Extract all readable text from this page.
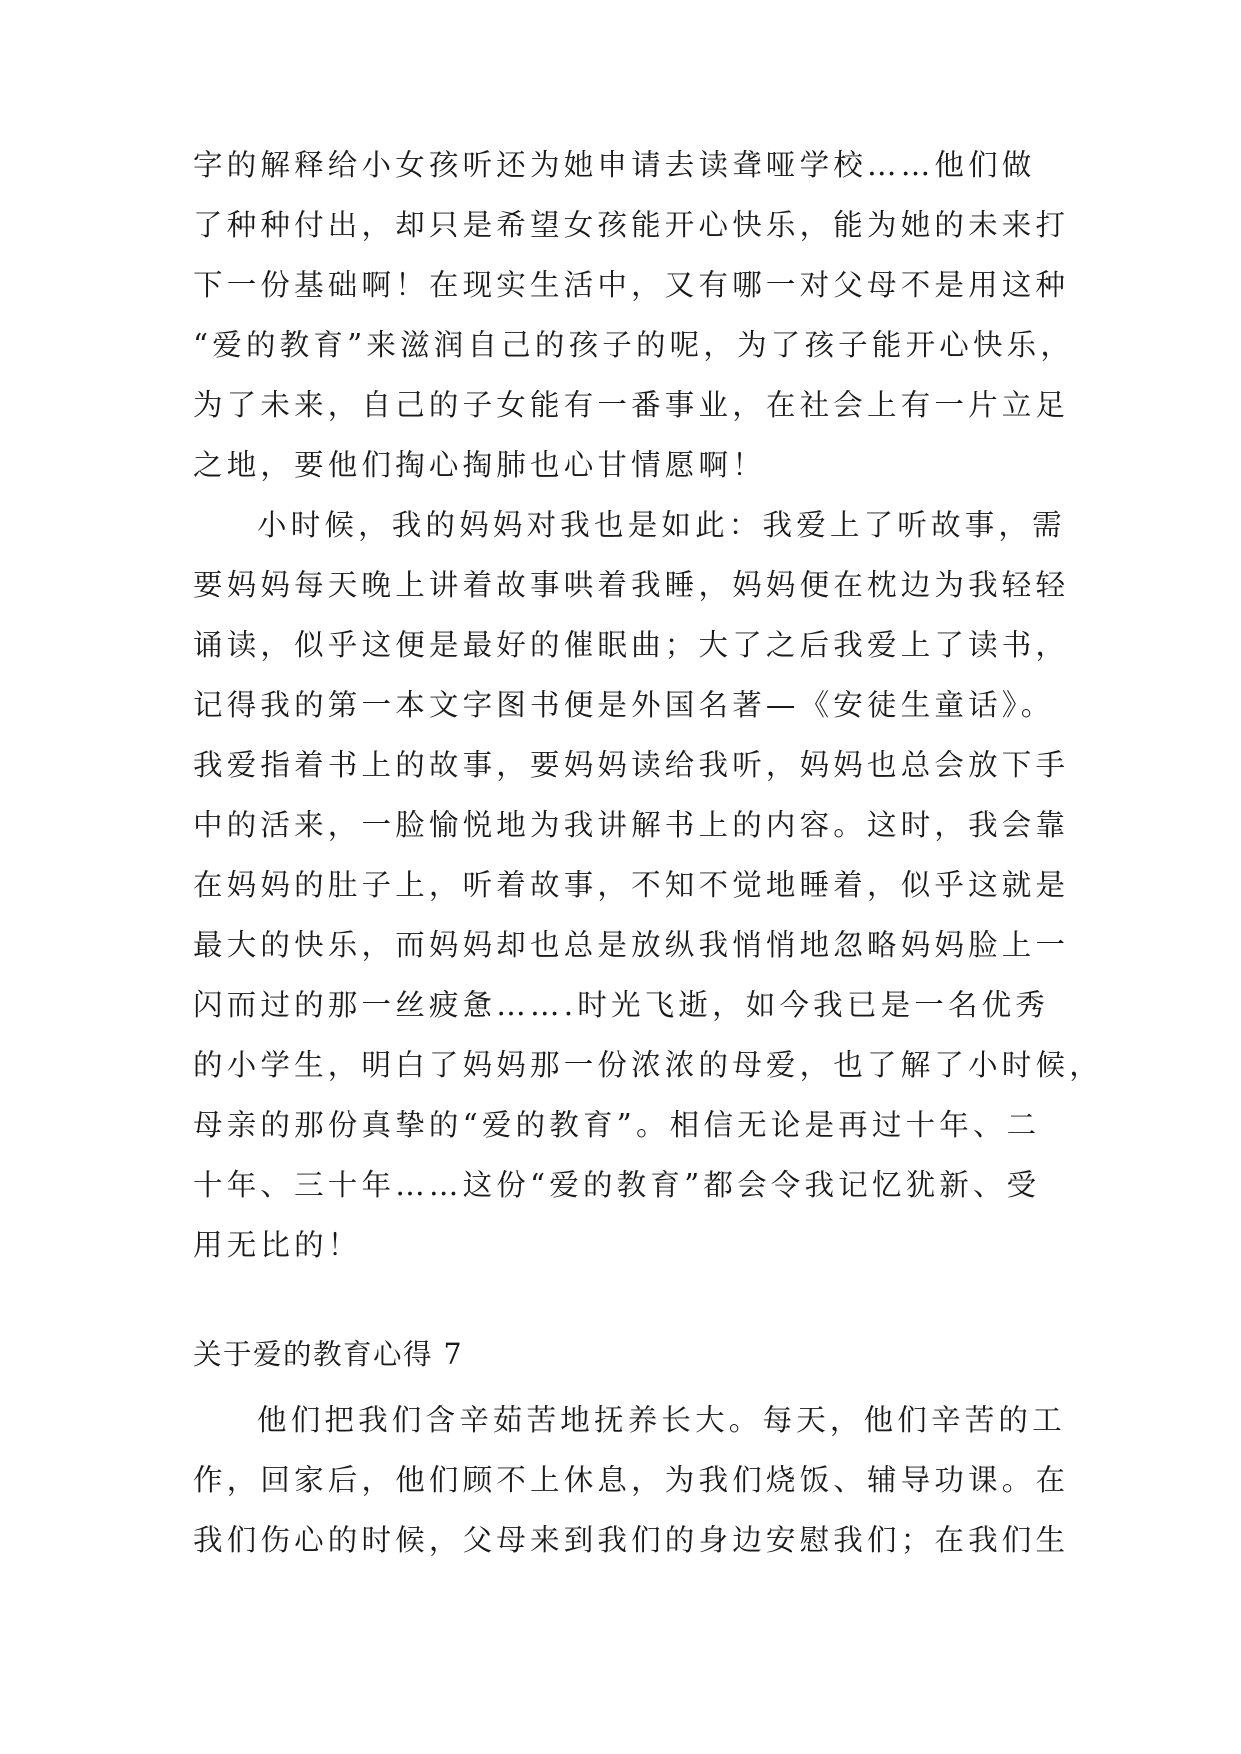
字的解释给小女孩听还为她申请去读聋哑学校……他们做
了种种付出，却只是希望女孩能开心快乐，能为她的未来打
下一份基础啊！在现实生活中，又有哪一对父母不是用这种
“爱的教育”来滋润自己的孩子的呢，为了孩子能开心快乐，
为了未来，自己的子女能有一番事业，在社会上有一片立足
之地，要他们掏心掏肺也心甘情愿啊！
小时候，我的妈妈对我也是如此：我爱上了听故事，需
要妈妈每天晚上讲着故事哄着我睡，妈妈便在枕边为我轻轻
诵读，似乎这便是最好的催眠曲；大了之后我爱上了读书，
记得我的第一本文字图书便是外国名著—《安徒生童话》。
我爱指着书上的故事，要妈妈读给我听，妈妈也总会放下手
中的活来，一脸愉悦地为我讲解书上的内容。这时，我会靠
在妈妈的肚子上，听着故事，不知不觉地睡着，似乎这就是
最大的快乐，而妈妈却也总是放纵我悄悄地忽略妈妈脸上一
闪而过的那一丝疲惫…….时光飞逝，如今我已是一名优秀
的小学生，明白了妈妈那一份浓浓的母爱，也了解了小时候，
母亲的那份真挚的“爱的教育”。相信无论是再过十年、二
十年、三十年……这份“爱的教育”都会令我记忆犹新、受
用无比的！
关于爱的教育心得 7
他们把我们含辛茹苦地抚养长大。每天，他们辛苦的工
作，回家后，他们顾不上休息，为我们烧饭、辅导功课。在
我们伤心的时候，父母来到我们的身边安慰我们；在我们生
